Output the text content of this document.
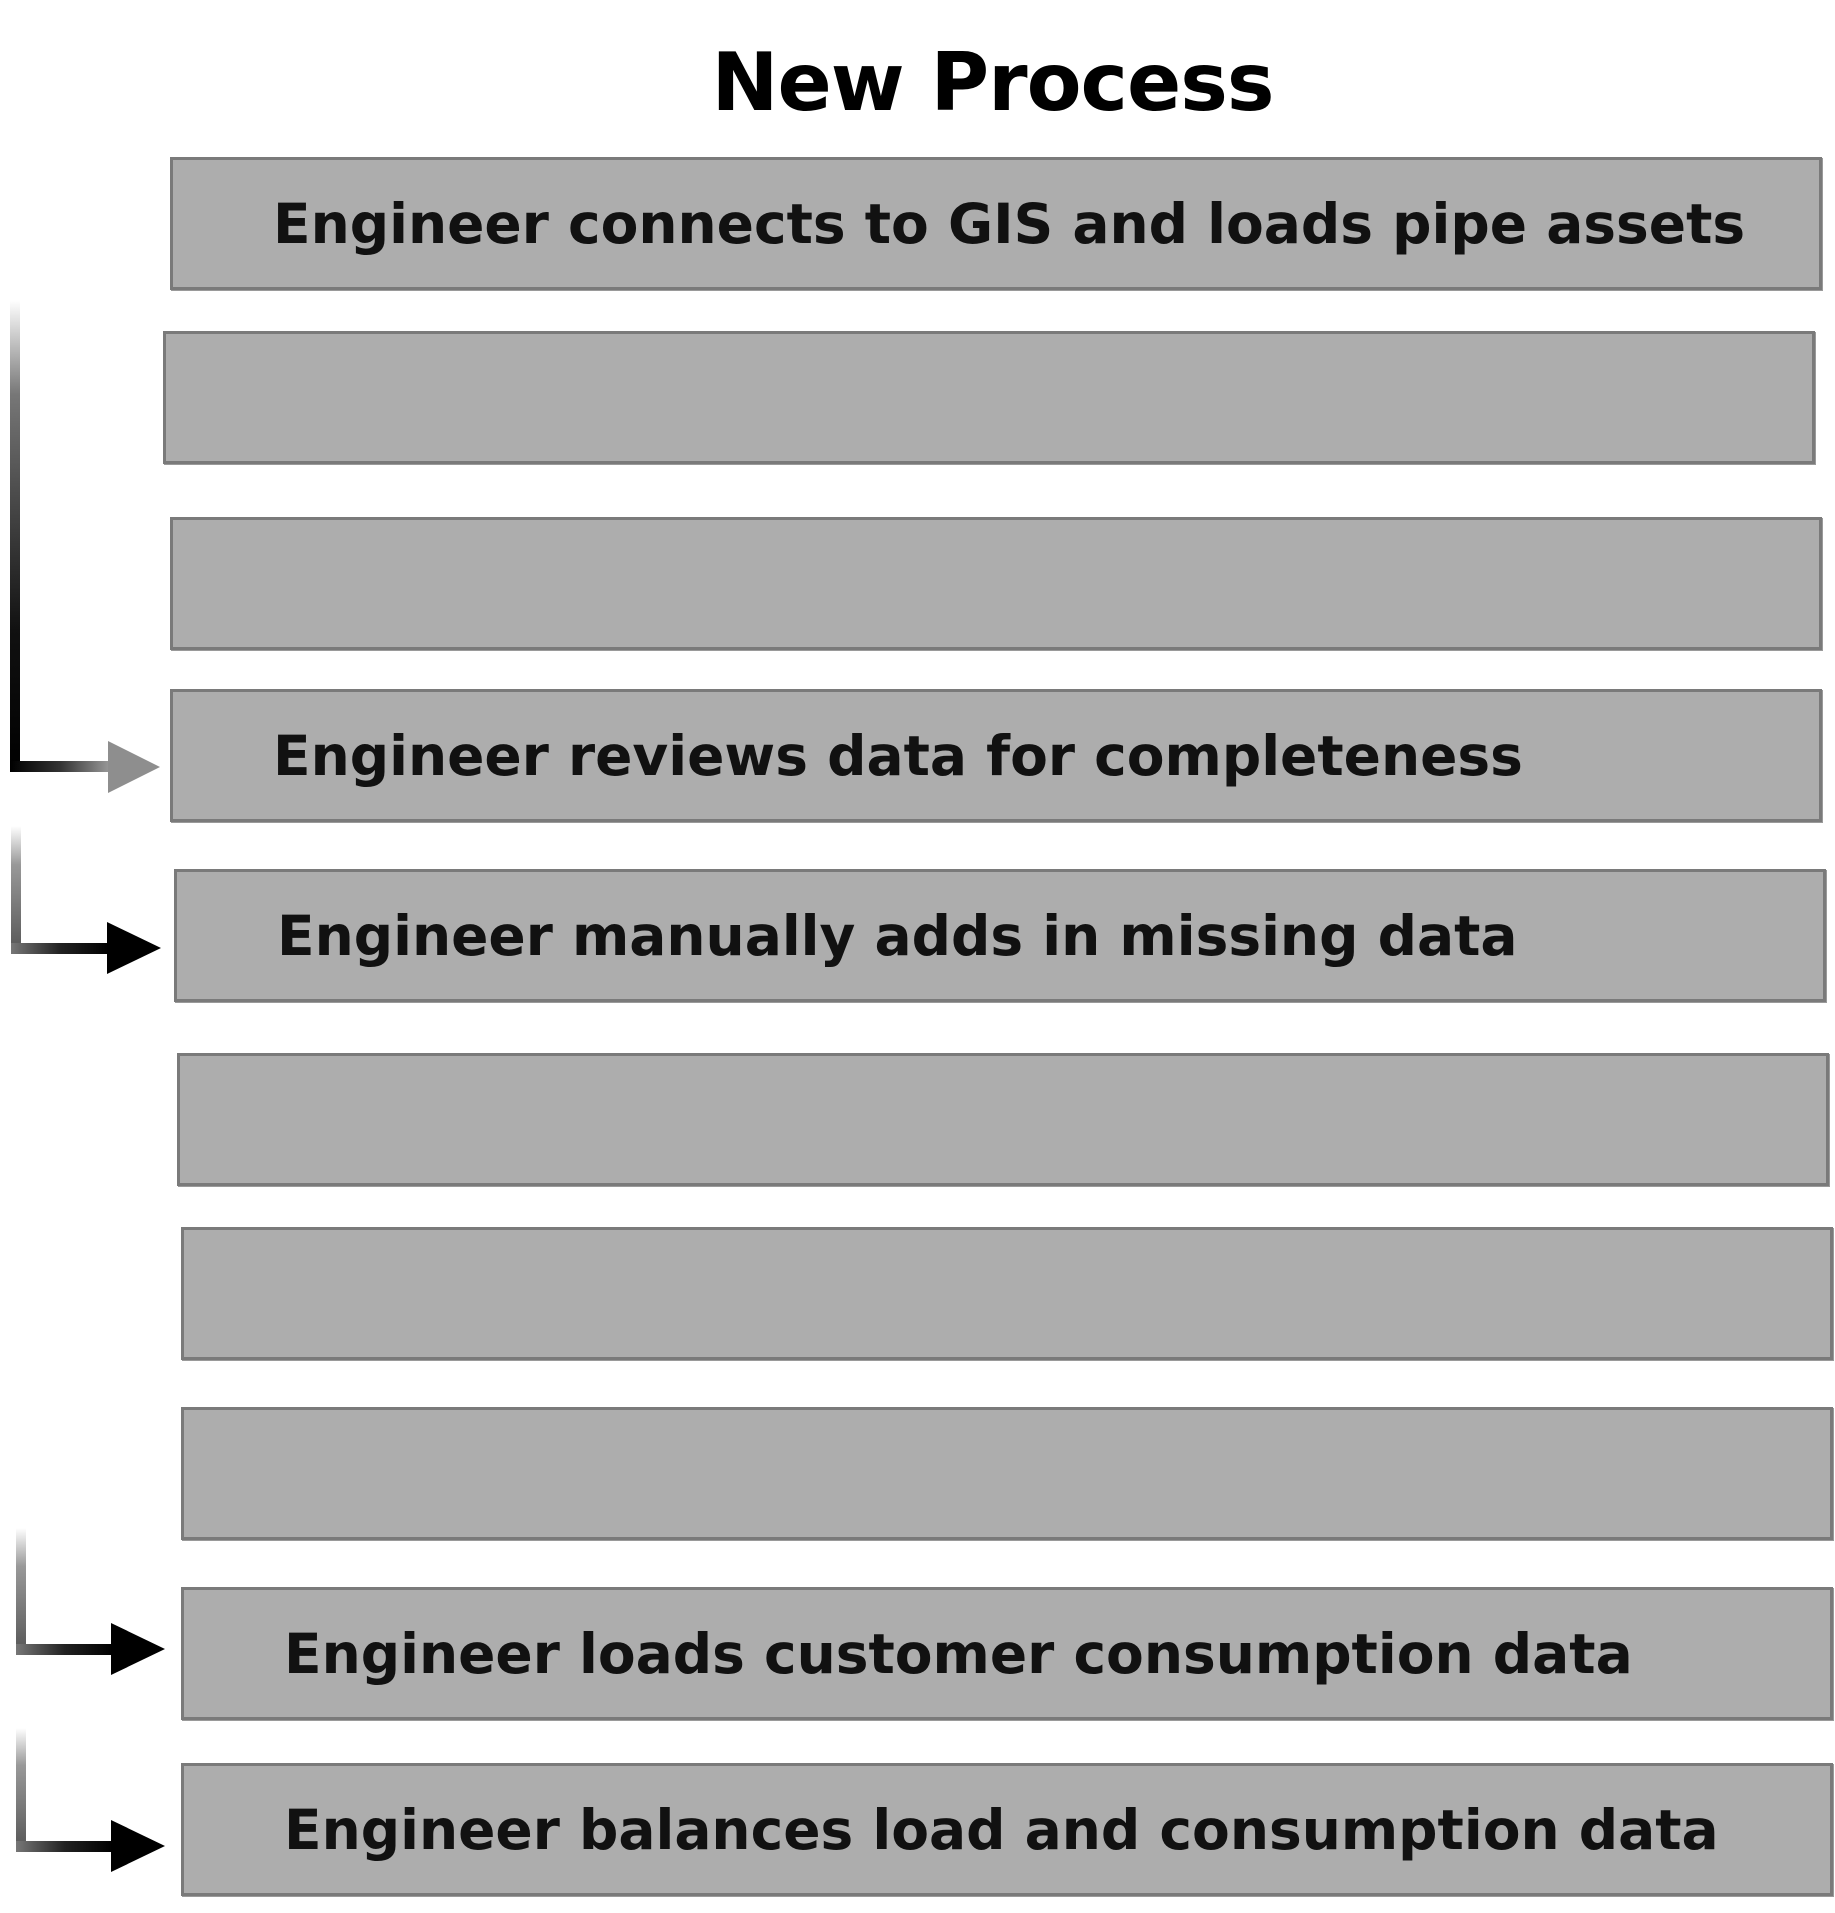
New Process
Engineer connects to GIS and loads pipe assets
Engineer reviews data for completeness
Engineer manually adds in missing data
Engineer loads customer consumption data
Engineer balances load and consumption data
